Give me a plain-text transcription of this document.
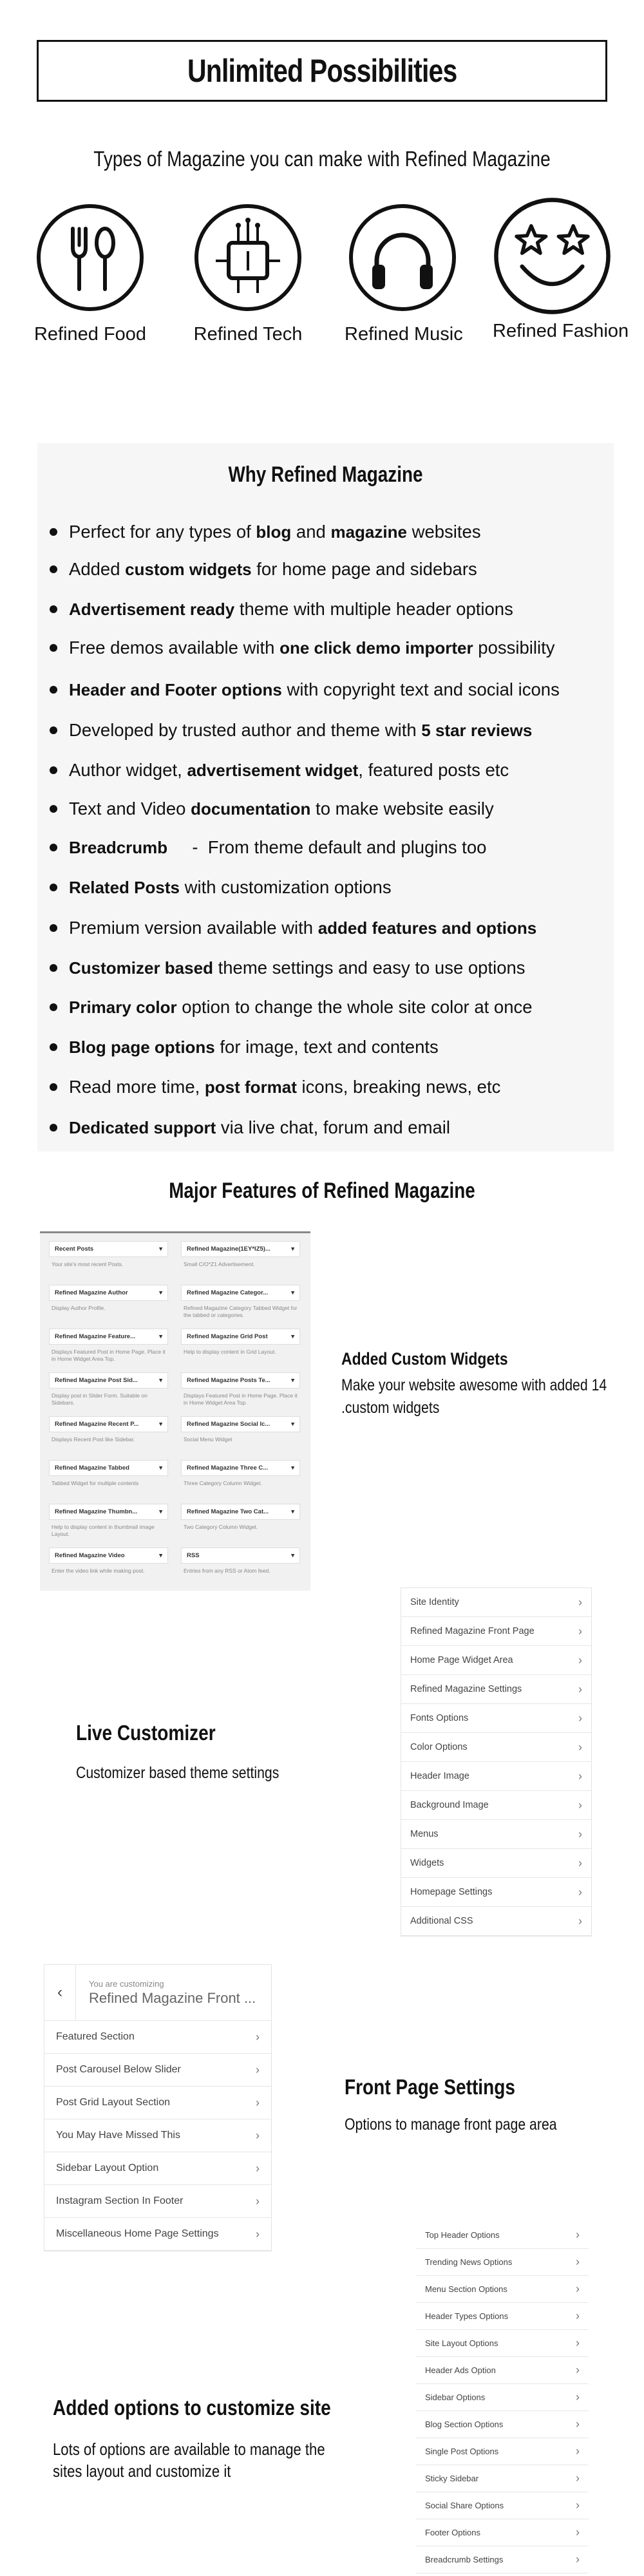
Unlimited Possibilities
Types of Magazine you can make with Refined Magazine
Refined Food	Refined Tech Refined Music Refined Fashion
Why Refined Magazine
Perfect for any types of blog and magazine websites
Added custom widgets for home page and sidebars
Advertisement ready theme with multiple header options
Free demos available with one click demo importer possibility
Header and Footer options with copyright text and social icons
Developed by trusted author and theme with 5 star reviews
Author widget, advertisement widget, featured posts etc
Text and Video documentation to make website easily
Breadcrumb     -  From theme default and plugins too
Related Posts with customization options
Premium version available with added features and options
Customizer based theme settings and easy to use options
Primary color option to change the whole site color at once
Blog page options for image, text and contents
Read more time, post format icons, breaking news, etc
Dedicated support via live chat, forum and email
Major Features of Refined Magazine
Recent Posts	▾
Your site's most recent Posts.
Refined Magazine(1EY*IZ5)...	▾
Small C/O*Z1 Advertisement.
Refined Magazine Author	▾
Display Author Profile.
Refined Magazine Categor...	▾
Refined Magazine Category Tabbed Widget for the tabbed or categories.
Refined Magazine Feature...	▾
Displays Featured Post in Home Page. Place it in Home Widget Area Top.
Refined Magazine Grid Post	▾
Help to display content in Grid Layout.
Refined Magazine Post Sid...	▾
Display post in Slider Form. Suitable on Sidebars.
Refined Magazine Posts Te...	▾
Displays Featured Post in Home Page. Place it in Home Widget Area Top.
Refined Magazine Recent P...	▾
Displays Recent Post like Sidebar.
Refined Magazine Social Ic...	▾
Social Menu Widget
Refined Magazine Tabbed	▾
Tabbed Widget for multiple contents
Refined Magazine Three C...	▾
Three Category Column Widget.
Refined Magazine Thumbn...	▾
Help to display content in thumbnail image Layout.
Refined Magazine Two Cat...	▾
Two Category Column Widget.
Refined Magazine Video	▾
Enter the video link while making post.
RSS	▾
Entries from any RSS or Atom feed.
Added Custom Widgets
Make your website awesome with added 14
.custom widgets
Live Customizer
Customizer based theme settings
Site Identity	›
Refined Magazine Front Page	›
Home Page Widget Area	›
Refined Magazine Settings	›
Fonts Options	›
Color Options	›
Header Image	›
Background Image	›
Menus	›
Widgets	›
Homepage Settings	›
Additional CSS	›
‹	You are customizing
Refined Magazine Front ...
Featured Section	›
Post Carousel Below Slider	›
Post Grid Layout Section	›
You May Have Missed This	›
Sidebar Layout Option	›
Instagram Section In Footer	›
Miscellaneous Home Page Settings	›
Front Page Settings
Options to manage front page area
Added options to customize site
Lots of options are available to manage the
sites layout and customize it
Top Header Options	›
Trending News Options	›
Menu Section Options	›
Header Types Options	›
Site Layout Options	›
Header Ads Option	›
Sidebar Options	›
Blog Section Options	›
Single Post Options	›
Sticky Sidebar	›
Social Share Options	›
Footer Options	›
Breadcrumb Settings	›
